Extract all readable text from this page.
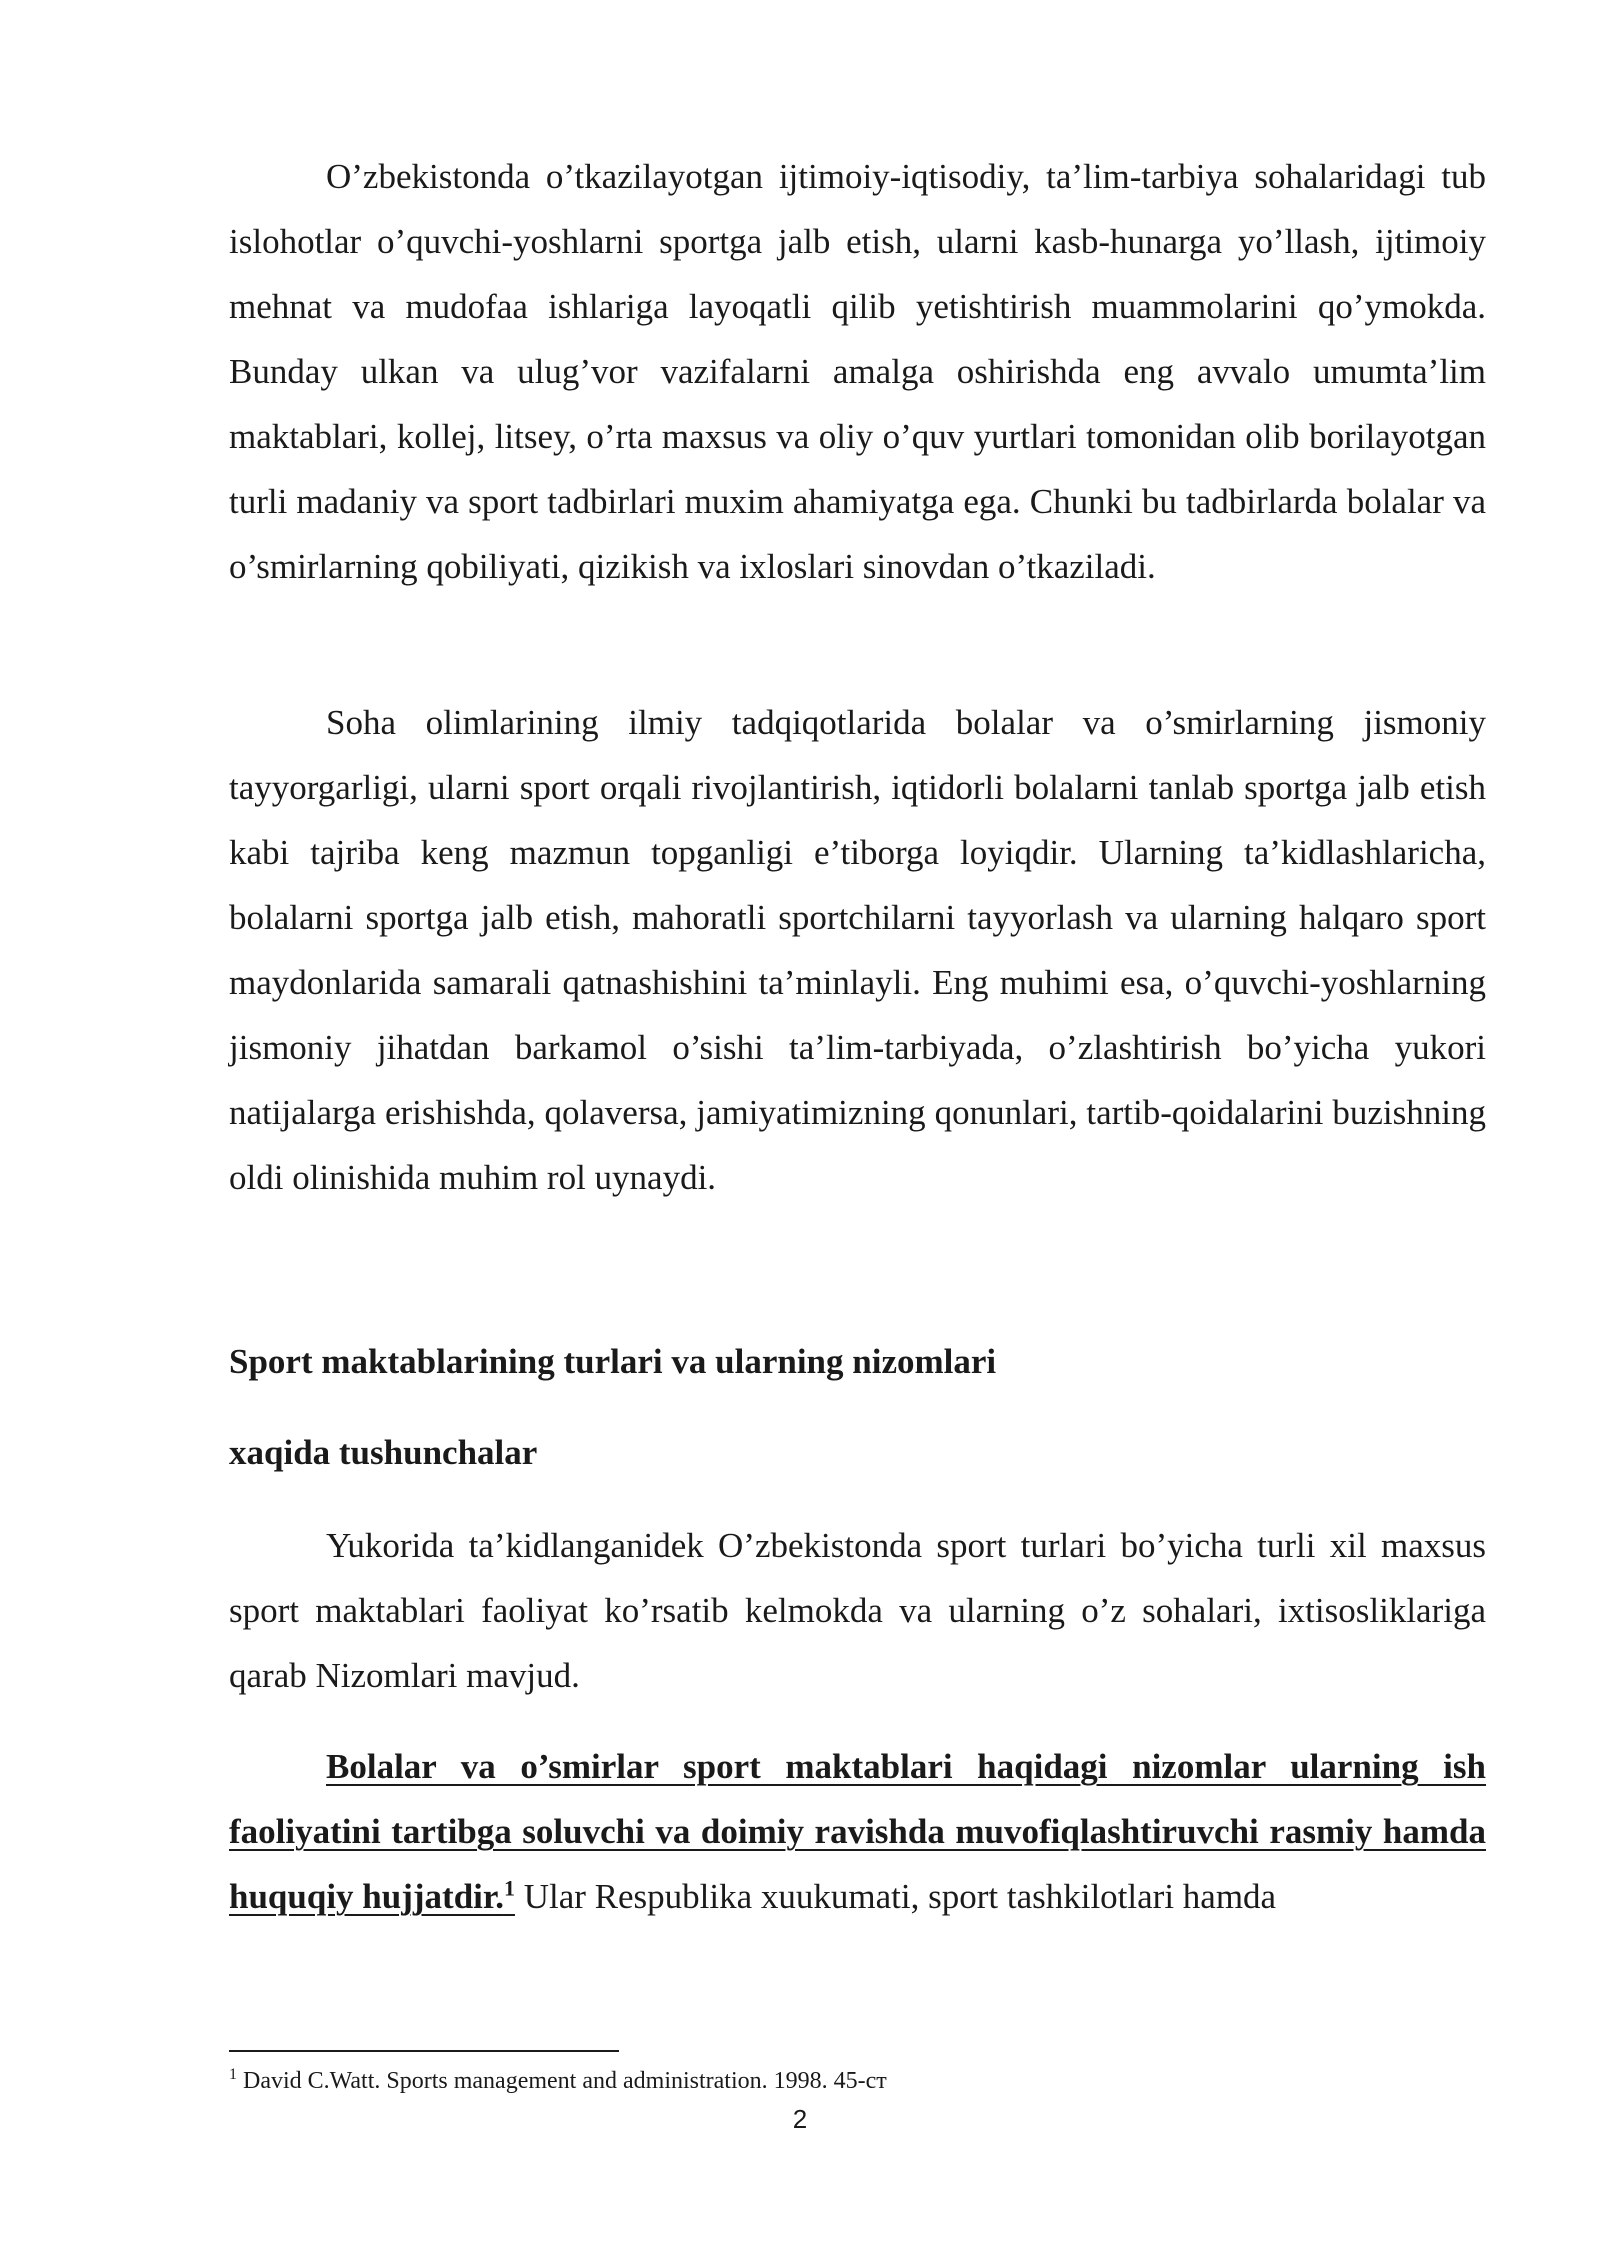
O’zbekistonda o’tkazilayotgan ijtimoiy-iqtisodiy, ta’lim-tarbiya sohalaridagi tub islohotlar o’quvchi-yoshlarni sportga jalb etish, ularni kasb-hunarga yo’llash, ijtimoiy mehnat va mudofaa ishlariga layoqatli qilib yetishtirish muammolarini qo’ymokda. Bunday ulkan va ulug’vor vazifalarni amalga oshirishda eng avvalo umumta’lim maktablari, kollej, litsey, o’rta maxsus va oliy o’quv yurtlari tomonidan olib borilayotgan turli madaniy va sport tadbirlari muxim ahamiyatga ega. Chunki bu tadbirlarda bolalar va o’smirlarning qobiliyati, qizikish va ixloslari sinovdan o’tkaziladi.

Soha olimlarining ilmiy tadqiqotlarida bolalar va o’smirlarning jismoniy tayyorgarligi, ularni sport orqali rivojlantirish, iqtidorli bolalarni tanlab sportga jalb etish kabi tajriba keng mazmun topganligi e’tiborga loyiqdir. Ularning ta’kidlashlaricha, bolalarni sportga jalb etish, mahoratli sportchilarni tayyorlash va ularning halqaro sport maydonlarida samarali qatnashishini ta’minlayli. Eng muhimi esa, o’quvchi-yoshlarning jismoniy jihatdan barkamol o’sishi ta’lim-tarbiyada, o’zlashtirish bo’yicha yukori natijalarga erishishda, qolaversa, jamiyatimizning qonunlari, tartib-qoidalarini buzishning oldi olinishida muhim rol uynaydi.

Sport maktablarining turlari va ularning nizomlari
xaqida tushunchalar

Yukorida ta’kidlanganidek O’zbekistonda sport turlari bo’yicha turli xil maxsus sport maktablari faoliyat ko’rsatib kelmokda va ularning o’z sohalari, ixtisosliklariga qarab Nizomlari mavjud.

Bolalar va o’smirlar sport maktablari haqidagi nizomlar ularning ish faoliyatini tartibga soluvchi va doimiy ravishda muvofiqlashtiruvchi rasmiy hamda huquqiy hujjatdir.$^1$ Ular Respublika xuukumati, sport tashkilotlari hamda

$^1$ David C.Watt. Sports management and administration. 1998. 45-ст

2
